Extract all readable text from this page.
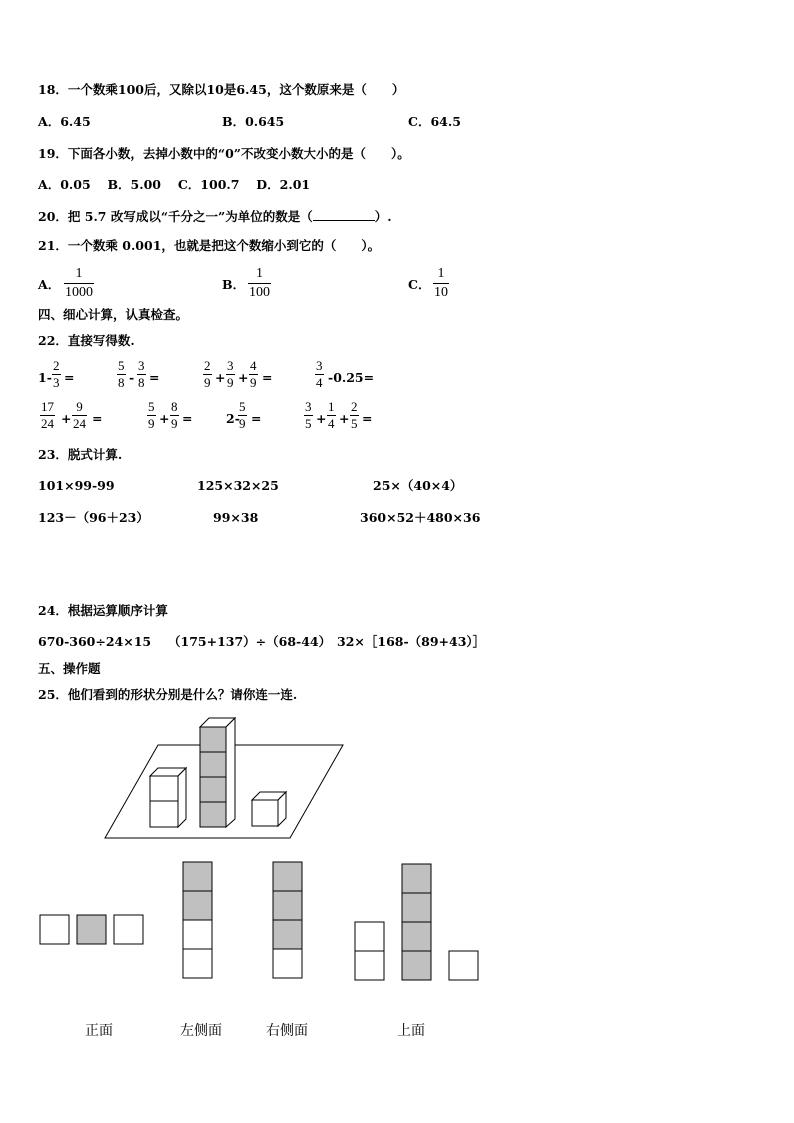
18．一个数乘100后，又除以10是6.45，这个数原来是（　　）
A．6.45	B．0.645	C．64.5
19．下面各小数，去掉小数中的“0”不改变小数大小的是（　　）。
A．0.05　 B．5.00　 C．100.7　 D．2.01
20．把 5.7 改写成以“千分之一”为单位的数是（	）.
21．一个数乘 0.001，也就是把这个数缩小到它的（　　）。
A．
1
1000
B．
1
100
C．
1
10
四、细心计算，认真检查。
22．直接写得数.
1-
2
3 =
5
8 -
3
8 =
2
9 +
3
9 +
4
9 =
3
4 -0.25=
17
24 +
9
24 =
5
9 +
8
9 =	2-
5
9 =
3
5 +
1
4 +
2
5 =
23．脱式计算.
101×99-99	125×32×25	25×（40×4）
123－（96＋23）	99×38	360×52＋480×36
24．根据运算顺序计算
670-360÷24×15 （175+137）÷（68-44） 32×［168-（89+43）］
五、操作题
25．他们看到的形状分别是什么？请你连一连.
正面	左侧面	右侧面	上面
